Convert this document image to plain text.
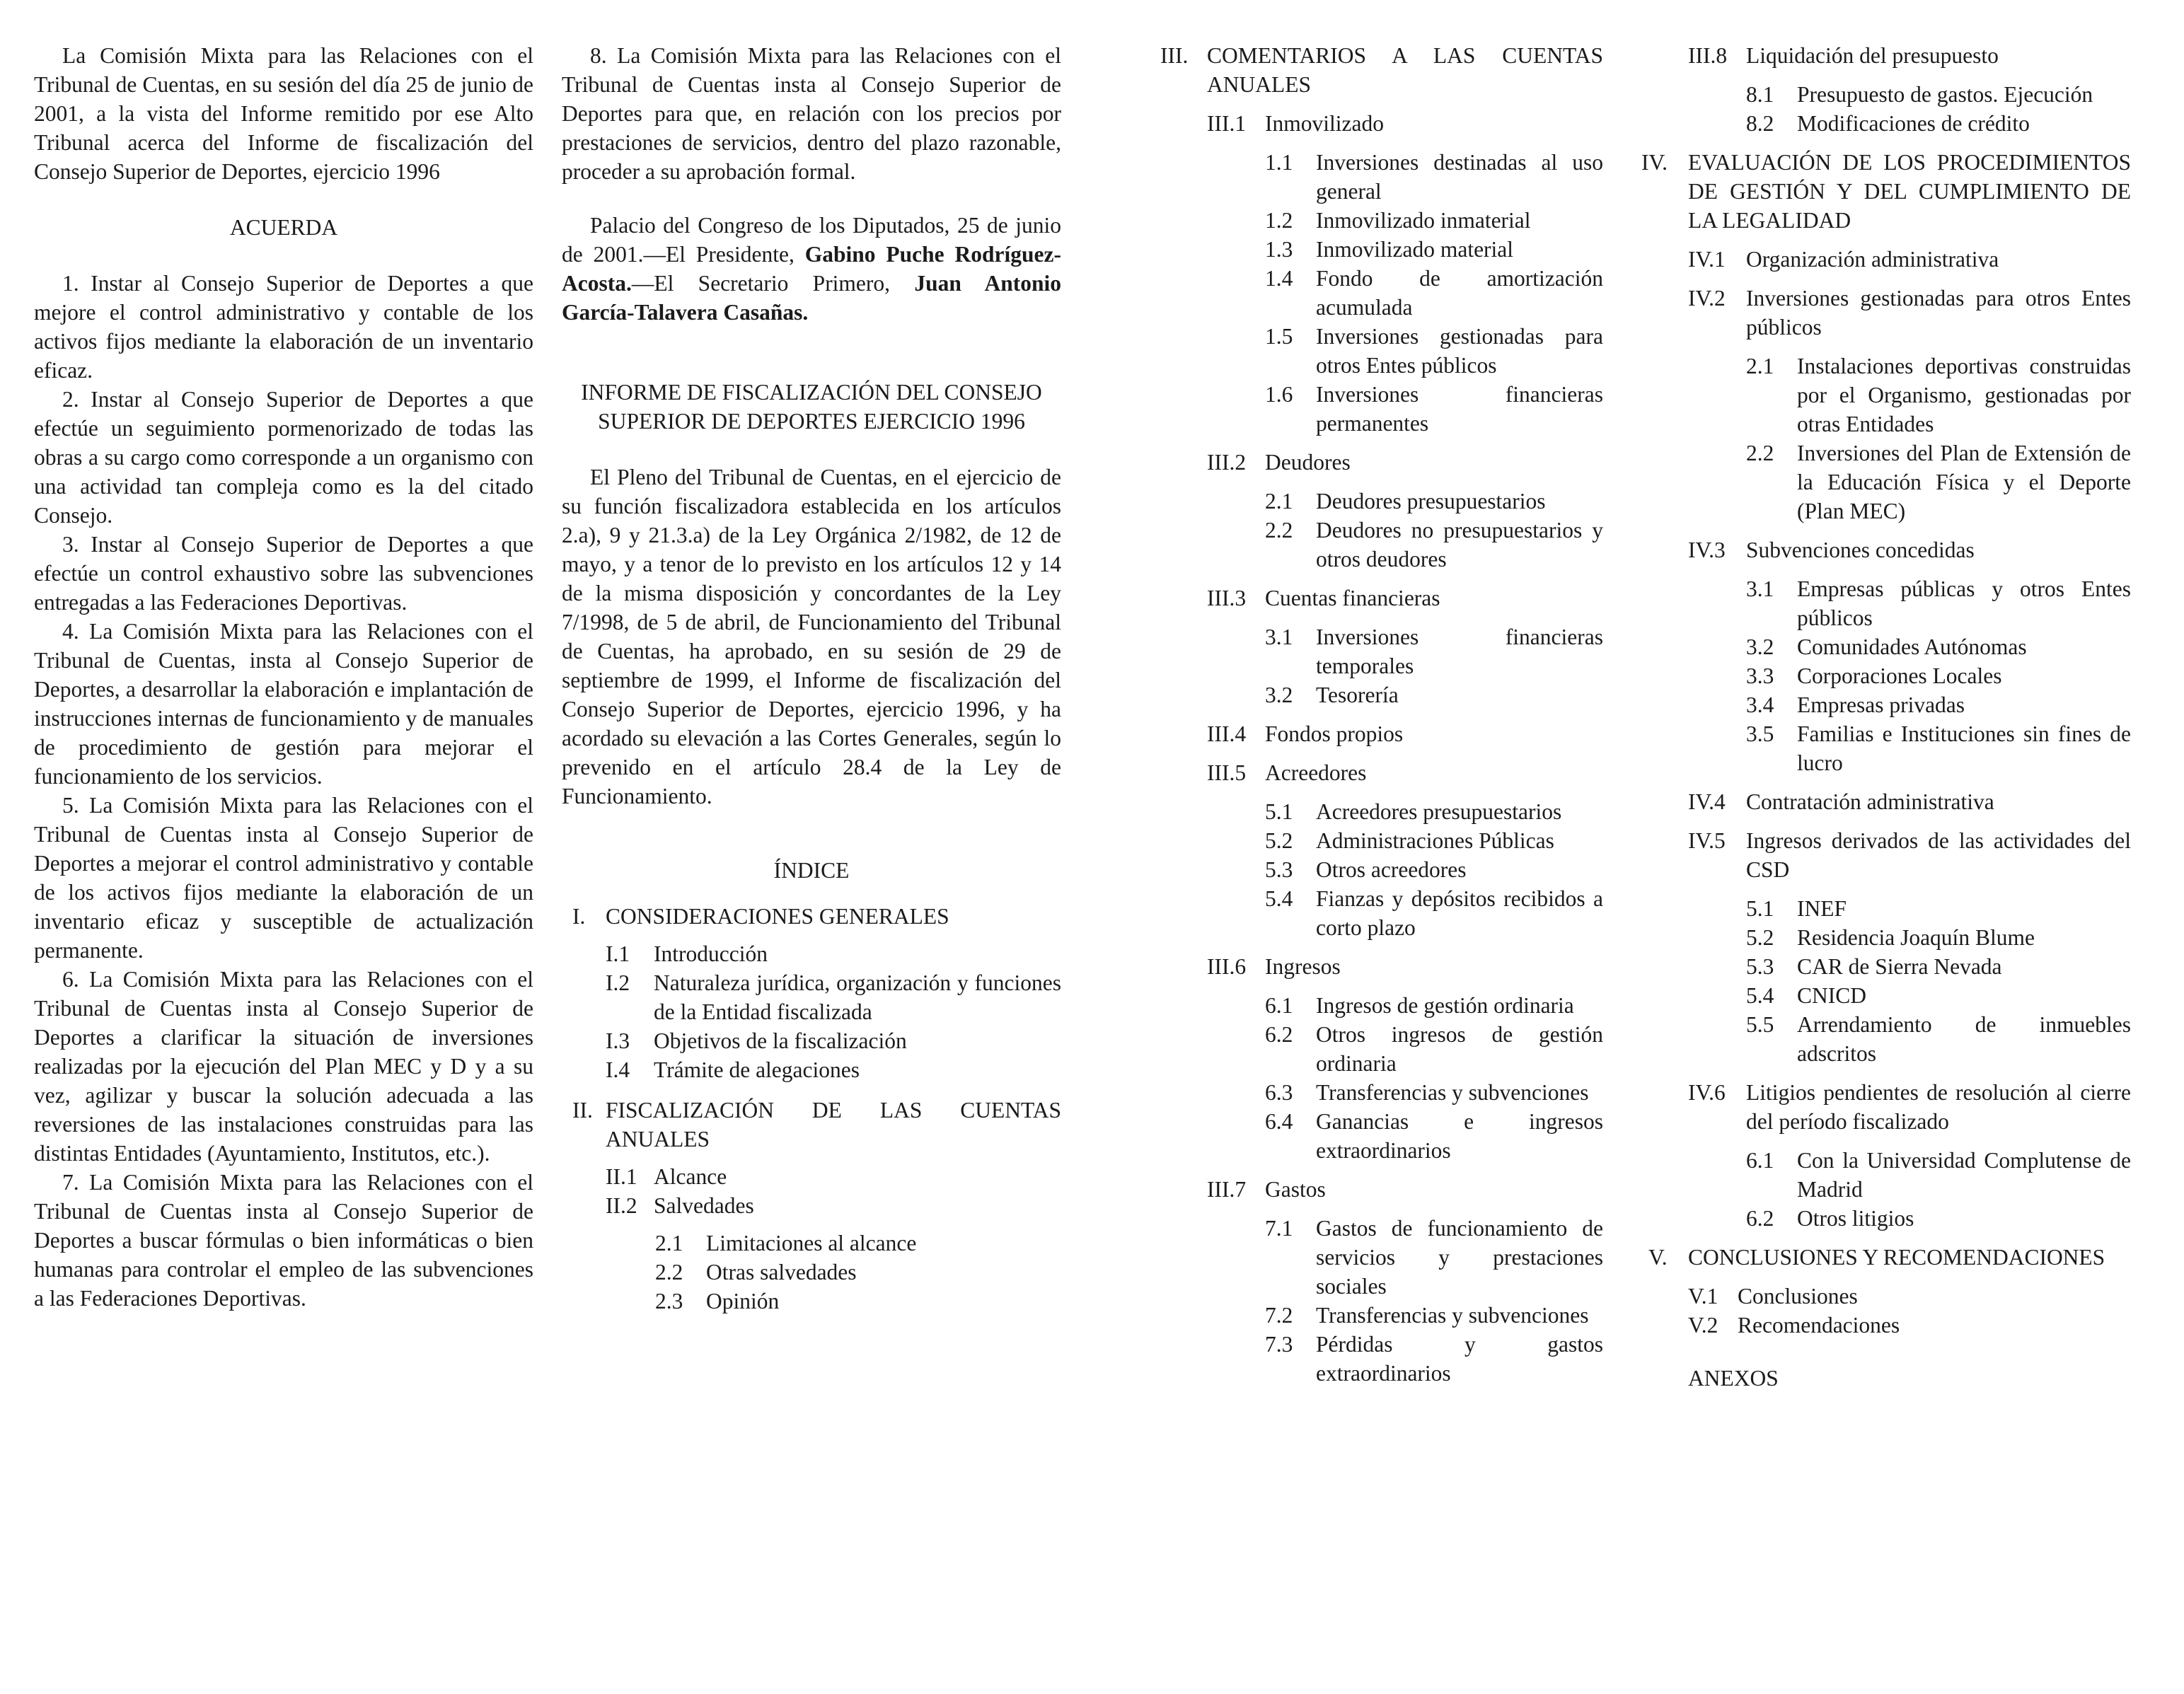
La Comisión Mixta para las Relaciones con el Tribunal de Cuentas, en su sesión del día 25 de junio de 2001, a la vista del Informe remitido por ese Alto Tribunal acerca del Informe de fiscalización del Consejo Superior de Deportes, ejercicio 1996

ACUERDA

1. Instar al Consejo Superior de Deportes a que mejore el control administrativo y contable de los activos fijos mediante la elaboración de un inventario eficaz.

2. Instar al Consejo Superior de Deportes a que efectúe un seguimiento pormenorizado de todas las obras a su cargo como corresponde a un organismo con una actividad tan compleja como es la del citado Consejo.

3. Instar al Consejo Superior de Deportes a que efectúe un control exhaustivo sobre las subvenciones entregadas a las Federaciones Deportivas.

4. La Comisión Mixta para las Relaciones con el Tribunal de Cuentas, insta al Consejo Superior de Deportes, a desarrollar la elaboración e implantación de instrucciones internas de funcionamiento y de manuales de procedimiento de gestión para mejorar el funcionamiento de los servicios.

5. La Comisión Mixta para las Relaciones con el Tribunal de Cuentas insta al Consejo Superior de Deportes a mejorar el control administrativo y contable de los activos fijos mediante la elaboración de un inventario eficaz y susceptible de actualización permanente.

6. La Comisión Mixta para las Relaciones con el Tribunal de Cuentas insta al Consejo Superior de Deportes a clarificar la situación de inversiones realizadas por la ejecución del Plan MEC y D y a su vez, agilizar y buscar la solución adecuada a las reversiones de las instalaciones construidas para las distintas Entidades (Ayuntamiento, Institutos, etc.).

7. La Comisión Mixta para las Relaciones con el Tribunal de Cuentas insta al Consejo Superior de Deportes a buscar fórmulas o bien informáticas o bien humanas para controlar el empleo de las subvenciones a las Federaciones Deportivas.

8. La Comisión Mixta para las Relaciones con el Tribunal de Cuentas insta al Consejo Superior de Deportes para que, en relación con los precios por prestaciones de servicios, dentro del plazo razonable, proceder a su aprobación formal.

Palacio del Congreso de los Diputados, 25 de junio de 2001.—El Presidente, Gabino Puche Rodríguez-Acosta.—El Secretario Primero, Juan Antonio García-Talavera Casañas.

INFORME DE FISCALIZACIÓN DEL CONSEJO SUPERIOR DE DEPORTES EJERCICIO 1996

El Pleno del Tribunal de Cuentas, en el ejercicio de su función fiscalizadora establecida en los artículos 2.a), 9 y 21.3.a) de la Ley Orgánica 2/1982, de 12 de mayo, y a tenor de lo previsto en los artículos 12 y 14 de la misma disposición y concordantes de la Ley 7/1998, de 5 de abril, de Funcionamiento del Tribunal de Cuentas, ha aprobado, en su sesión de 29 de septiembre de 1999, el Informe de fiscalización del Consejo Superior de Deportes, ejercicio 1996, y ha acordado su elevación a las Cortes Generales, según lo prevenido en el artículo 28.4 de la Ley de Funcionamiento.

ÍNDICE

I. CONSIDERACIONES GENERALES
I.1	Introducción
I.2	Naturaleza jurídica, organización y funciones de la Entidad fiscalizada
I.3	Objetivos de la fiscalización
I.4	Trámite de alegaciones
II. FISCALIZACIÓN DE LAS CUENTAS ANUALES
II.1 Alcance
II.2 Salvedades
2.1	Limitaciones al alcance
2.2	Otras salvedades
2.3	Opinión
III. COMENTARIOS A LAS CUENTAS ANUALES
III.1 Inmovilizado
1.1	Inversiones destinadas al uso general
1.2	Inmovilizado inmaterial
1.3	Inmovilizado material
1.4	Fondo de amortización acumulada
1.5	Inversiones gestionadas para otros Entes públicos
1.6	Inversiones financieras permanentes
III.2 Deudores
2.1	Deudores presupuestarios
2.2	Deudores no presupuestarios y otros deudores
III.3 Cuentas financieras
3.1	Inversiones financieras temporales
3.2	Tesorería
III.4 Fondos propios
III.5 Acreedores
5.1	Acreedores presupuestarios
5.2	Administraciones Públicas
5.3	Otros acreedores
5.4	Fianzas y depósitos recibidos a corto plazo
III.6 Ingresos
6.1	Ingresos de gestión ordinaria
6.2	Otros ingresos de gestión ordinaria
6.3	Transferencias y subvenciones
6.4	Ganancias e ingresos extraordinarios
III.7 Gastos
7.1	Gastos de funcionamiento de servicios y prestaciones sociales
7.2	Transferencias y subvenciones
7.3	Pérdidas y gastos extraordinarios
III.8 Liquidación del presupuesto
8.1	Presupuesto de gastos. Ejecución
8.2	Modificaciones de crédito
IV. EVALUACIÓN DE LOS PROCEDIMIENTOS DE GESTIÓN Y DEL CUMPLIMIENTO DE LA LEGALIDAD
IV.1 Organización administrativa
IV.2 Inversiones gestionadas para otros Entes públicos
2.1	Instalaciones deportivas construidas por el Organismo, gestionadas por otras Entidades
2.2	Inversiones del Plan de Extensión de la Educación Física y el Deporte (Plan MEC)
IV.3 Subvenciones concedidas
3.1	Empresas públicas y otros Entes públicos
3.2	Comunidades Autónomas
3.3	Corporaciones Locales
3.4	Empresas privadas
3.5	Familias e Instituciones sin fines de lucro
IV.4 Contratación administrativa
IV.5 Ingresos derivados de las actividades del CSD
5.1	INEF
5.2	Residencia Joaquín Blume
5.3	CAR de Sierra Nevada
5.4	CNICD
5.5	Arrendamiento de inmuebles adscritos
IV.6 Litigios pendientes de resolución al cierre del período fiscalizado
6.1	Con la Universidad Complutense de Madrid
6.2	Otros litigios
V. CONCLUSIONES Y RECOMENDACIONES
V.1 Conclusiones
V.2 Recomendaciones

ANEXOS
